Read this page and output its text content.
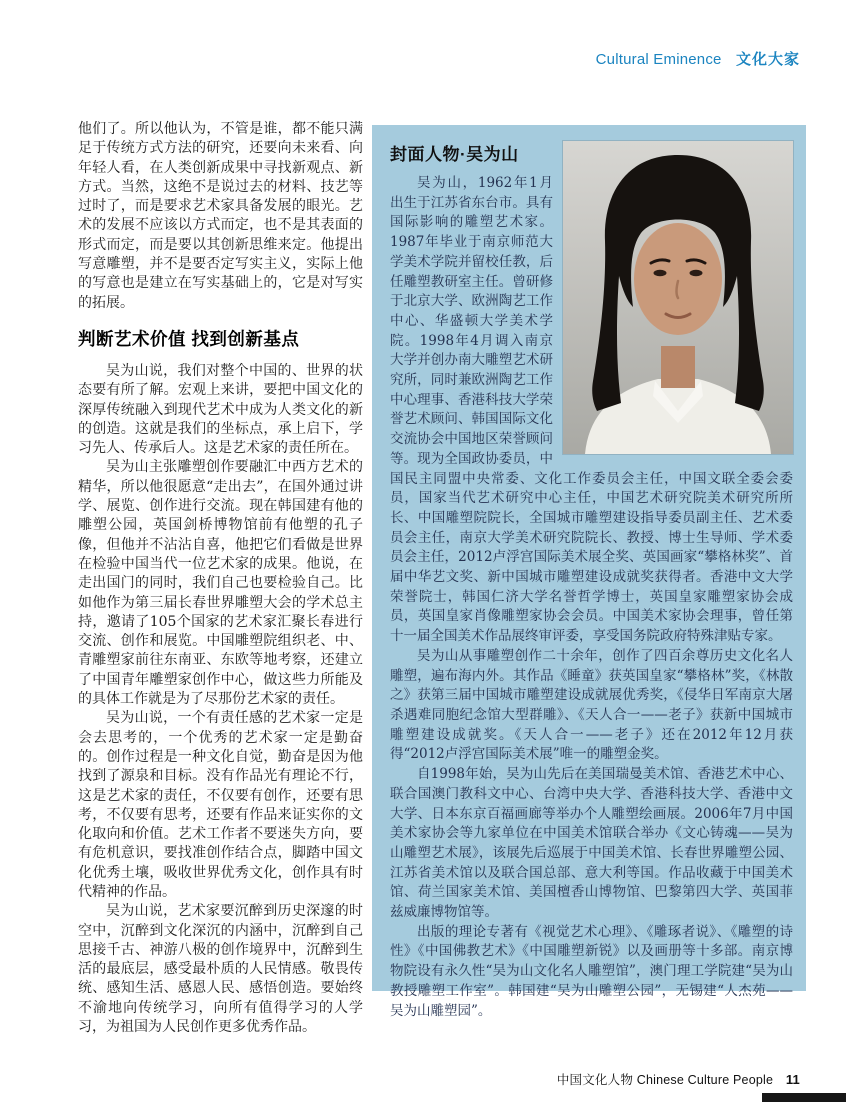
Cultural Eminence 文化大家

他们了。所以他认为，不管是谁，都不能只满足于传统方式方法的研究，还要向未来看、向年轻人看，在人类创新成果中寻找新观点、新方式。当然，这绝不是说过去的材料、技艺等过时了，而是要求艺术家具备发展的眼光。艺术的发展不应该以方式而定，也不是其表面的形式而定，而是要以其创新思维来定。他提出写意雕塑，并不是要否定写实主义，实际上他的写意也是建立在写实基础上的，它是对写实的拓展。

判断艺术价值 找到创新基点

吴为山说，我们对整个中国的、世界的状态要有所了解。宏观上来讲，要把中国文化的深厚传统融入到现代艺术中成为人类文化的新的创造。这就是我们的坐标点，承上启下，学习先人、传承后人。这是艺术家的责任所在。

吴为山主张雕塑创作要融汇中西方艺术的精华，所以他很愿意“走出去”，在国外通过讲学、展览、创作进行交流。现在韩国建有他的雕塑公园，英国剑桥博物馆前有他塑的孔子像，但他并不沾沾自喜，他把它们看做是世界在检验中国当代一位艺术家的成果。他说，在走出国门的同时，我们自己也要检验自己。比如他作为第三届长春世界雕塑大会的学术总主持，邀请了105个国家的艺术家汇聚长春进行交流、创作和展览。中国雕塑院组织老、中、青雕塑家前往东南亚、东欧等地考察，还建立了中国青年雕塑家创作中心，做这些力所能及的具体工作就是为了尽那份艺术家的责任。

吴为山说，一个有责任感的艺术家一定是会去思考的，一个优秀的艺术家一定是勤奋的。创作过程是一种文化自觉，勤奋是因为他找到了源泉和目标。没有作品光有理论不行，这是艺术家的责任，不仅要有创作，还要有思考，不仅要有思考，还要有作品来证实你的文化取向和价值。艺术工作者不要迷失方向，要有危机意识，要找准创作结合点，脚踏中国文化优秀土壤，吸收世界优秀文化，创作具有时代精神的作品。

吴为山说，艺术家要沉醉到历史深邃的时空中，沉醉到文化深沉的内涵中，沉醉到自己思接千古、神游八极的创作境界中，沉醉到生活的最底层，感受最朴质的人民情感。敬畏传统、感知生活、感恩人民、感悟创造。要始终不渝地向传统学习，向所有值得学习的人学习，为祖国为人民创作更多优秀作品。

封面人物·吴为山

吴为山，1962年1月出生于江苏省东台市。具有国际影响的雕塑艺术家。1987年毕业于南京师范大学美术学院并留校任教，后任雕塑教研室主任。曾研修于北京大学、欧洲陶艺工作中心、华盛顿大学美术学院。1998年4月调入南京大学并创办南大雕塑艺术研究所，同时兼欧洲陶艺工作中心理事、香港科技大学荣誉艺术顾问、韩国国际文化交流协会中国地区荣誉顾问等。现为全国政协委员，中国民主同盟中央常委、文化工作委员会主任，中国文联全委会委员，国家当代艺术研究中心主任，中国艺术研究院美术研究所所长、中国雕塑院院长，全国城市雕塑建设指导委员副主任、艺术委员会主任，南京大学美术研究院院长、教授、博士生导师、学术委员会主任，2012卢浮宫国际美术展全奖、英国画家“攀格林奖”、首届中华艺文奖、新中国城市雕塑建设成就奖获得者。香港中文大学荣誉院士，韩国仁济大学名誉哲学博士，英国皇家雕塑家协会成员，英国皇家肖像雕塑家协会会员。中国美术家协会理事，曾任第十一届全国美术作品展终审评委，享受国务院政府特殊津贴专家。

吴为山从事雕塑创作二十余年，创作了四百余尊历史文化名人雕塑，遍布海内外。其作品《睡童》获英国皇家“攀格林”奖，《林散之》获第三届中国城市雕塑建设成就展优秀奖，《侵华日军南京大屠杀遇难同胞纪念馆大型群雕》、《天人合一——老子》获新中国城市雕塑建设成就奖。《天人合一——老子》还在2012年12月获得“2012卢浮宫国际美术展”唯一的雕塑金奖。

自1998年始，吴为山先后在美国瑞曼美术馆、香港艺术中心、联合国澳门教科文中心、台湾中央大学、香港科技大学、香港中文大学、日本东京百福画廊等举办个人雕塑绘画展。2006年7月中国美术家协会等九家单位在中国美术馆联合举办《文心铸魂——吴为山雕塑艺术展》，该展先后巡展于中国美术馆、长春世界雕塑公园、江苏省美术馆以及联合国总部、意大利等国。作品收藏于中国美术馆、荷兰国家美术馆、美国檀香山博物馆、巴黎第四大学、英国菲兹威廉博物馆等。

出版的理论专著有《视觉艺术心理》、《雕琢者说》、《雕塑的诗性》《中国佛教艺术》《中国雕塑新锐》以及画册等十多部。南京博物院设有永久性“吴为山文化名人雕塑馆”，澳门理工学院建“吴为山教授雕塑工作室”。韩国建“吴为山雕塑公园”，无锡建“人杰苑——吴为山雕塑园”。

中国文化人物 Chinese Culture People 11
